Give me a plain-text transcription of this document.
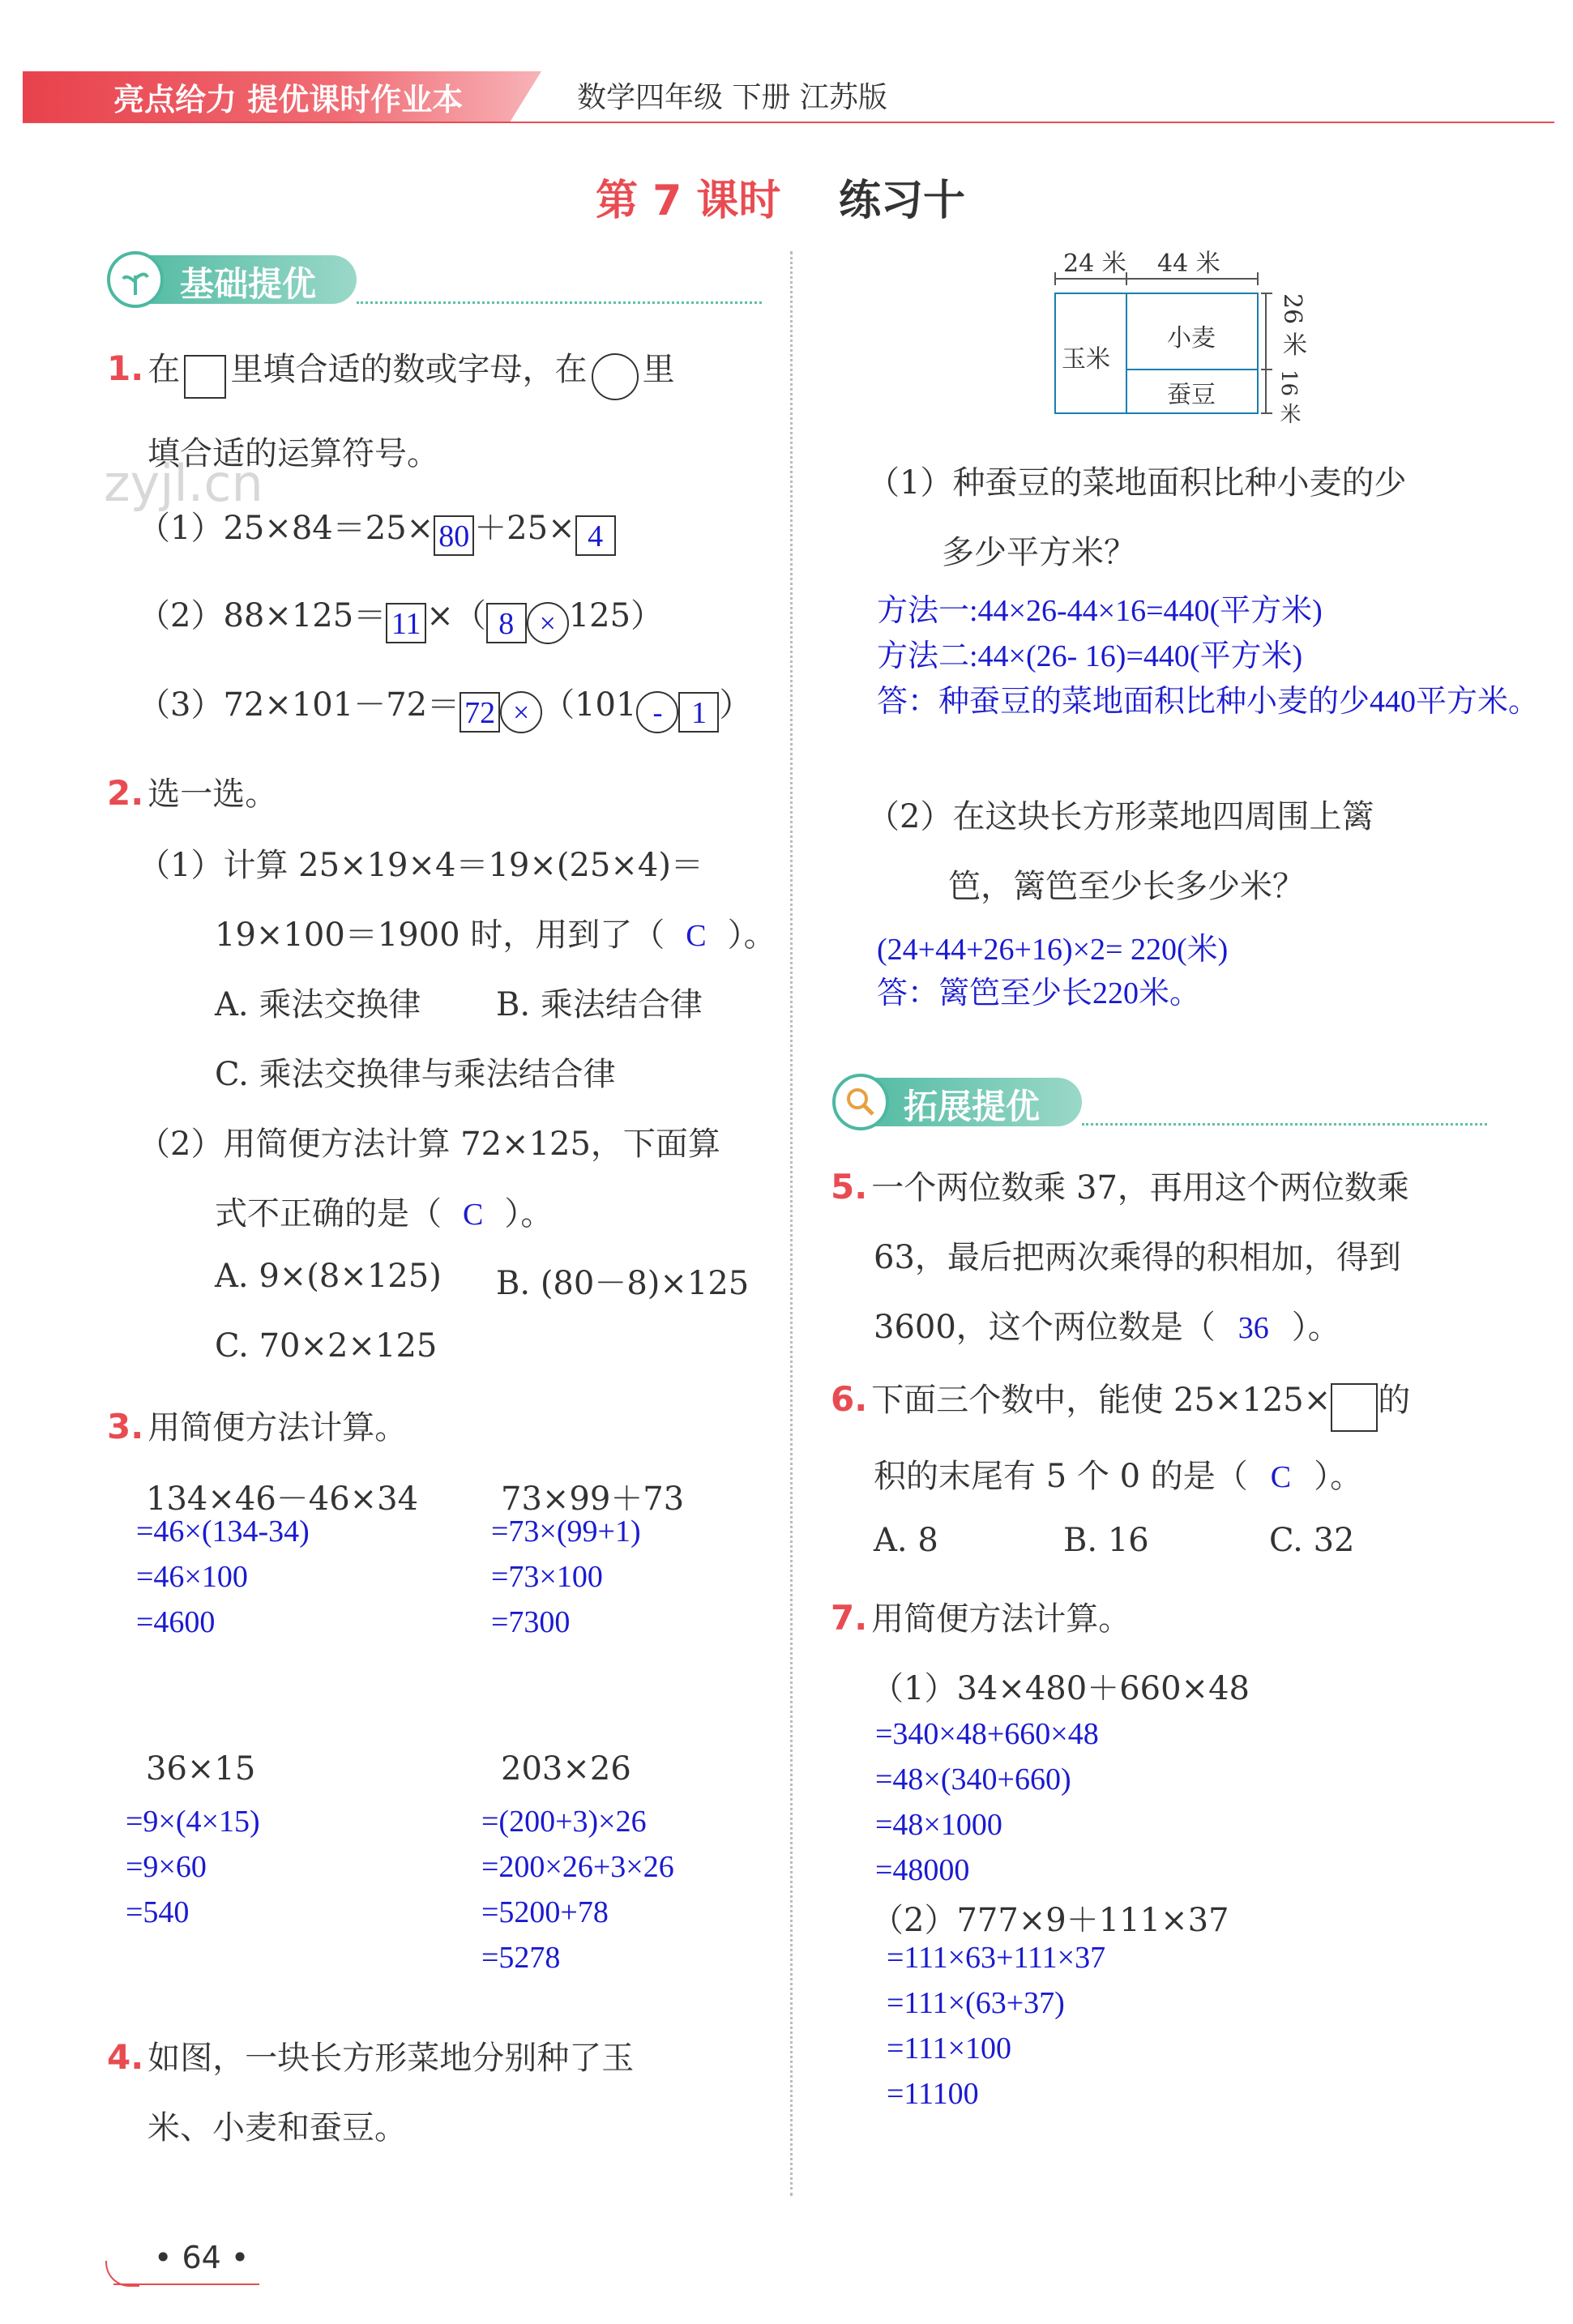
亮点给力 提优课时作业本	数学四年级 下册 江苏版
第 7 课时 练习十
基础提优
1. 在 里填合适的数或字母，在 里
填合适的运算符号。
zyjl.cn
（1）25×84＝25× 80 ＋25× 4
（2）88×125＝ 11 ×（ 8 × 125）
（3）72×101－72＝ 72 × （101 - 1 ）
2. 选一选。
（1）计算 25×19×4＝19×(25×4)＝
19×100＝1900 时，用到了（ C ）。
A. 乘法交换律 B. 乘法结合律
C. 乘法交换律与乘法结合律
（2）用简便方法计算 72×125，下面算
式不正确的是（ C ）。
A. 9×(8×125) B. (80－8)×125
C. 70×2×125
3. 用简便方法计算。
134×46－46×34
=46×(134-34)
=46×100
=4600
73×99＋73
=73×(99+1)
=73×100
=7300
36×15
=9×(4×15)
=9×60
=540
203×26
=(200+3)×26
=200×26+3×26
=5200+78
=5278
4. 如图，一块长方形菜地分别种了玉
米、小麦和蚕豆。
24 米 44 米
玉米
小麦
蚕豆
26 米
16 米
（1）种蚕豆的菜地面积比种小麦的少
多少平方米？
方法一:44×26-44×16=440(平方米)
方法二:44×(26- 16)=440(平方米)
答：种蚕豆的菜地面积比种小麦的少440平方米。
（2）在这块长方形菜地四周围上篱
笆，篱笆至少长多少米？
(24+44+26+16)×2= 220(米)
答：篱笆至少长220米。
拓展提优
5. 一个两位数乘 37，再用这个两位数乘
63，最后把两次乘得的积相加，得到
3600，这个两位数是（ 36 ）。
6. 下面三个数中，能使 25×125× 的
积的末尾有 5 个 0 的是（ C ）。
A. 8	B. 16	C. 32
7. 用简便方法计算。
（1）34×480＋660×48
=340×48+660×48
=48×(340+660)
=48×1000
=48000
（2）777×9＋111×37
=111×63+111×37
=111×(63+37)
=111×100
=11100
• 64 •
